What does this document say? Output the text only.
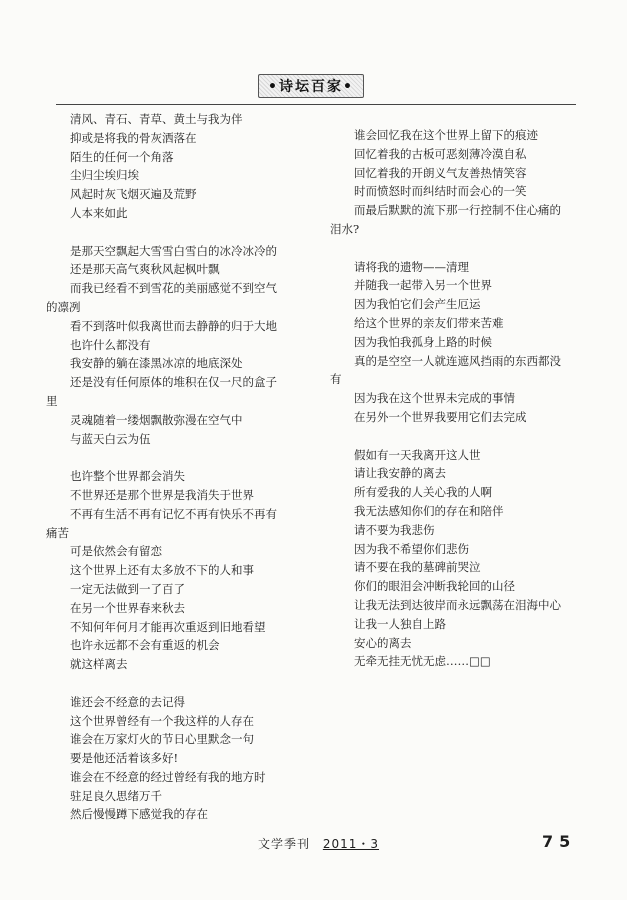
•诗坛百家•
清风、青石、青草、黄土与我为伴
抑或是将我的骨灰洒落在
陌生的任何一个角落
尘归尘埃归埃
风起时灰飞烟灭遍及荒野
人本来如此
是那天空飘起大雪雪白雪白的冰冷冰冷的
还是那天高气爽秋风起枫叶飘
而我已经看不到雪花的美丽感觉不到空气
的凛冽
看不到落叶似我离世而去静静的归于大地
也许什么都没有
我安静的躺在漆黑冰凉的地底深处
还是没有任何原体的堆积在仅一尺的盒子
里
灵魂随着一缕烟飘散弥漫在空气中
与蓝天白云为伍
也许整个世界都会消失
不世界还是那个世界是我消失于世界
不再有生活不再有记忆不再有快乐不再有
痛苦
可是依然会有留恋
这个世界上还有太多放不下的人和事
一定无法做到一了百了
在另一个世界春来秋去
不知何年何月才能再次重返到旧地看望
也许永远都不会有重返的机会
就这样离去
谁还会不经意的去记得
这个世界曾经有一个我这样的人存在
谁会在万家灯火的节日心里默念一句
要是他还活着该多好!
谁会在不经意的经过曾经有我的地方时
驻足良久思绪万千
然后慢慢蹲下感觉我的存在
谁会回忆我在这个世界上留下的痕迹
回忆着我的古板可恶刻薄冷漠自私
回忆着我的开朗义气友善热情笑容
时而愤怒时而纠结时而会心的一笑
而最后默默的流下那一行控制不住心痛的
泪水?
请将我的遗物——清理
并随我一起带入另一个世界
因为我怕它们会产生厄运
给这个世界的亲友们带来苦难
因为我怕我孤身上路的时候
真的是空空一人就连遮风挡雨的东西都没
有
因为我在这个世界未完成的事情
在另外一个世界我要用它们去完成
假如有一天我离开这人世
请让我安静的离去
所有爱我的人关心我的人啊
我无法感知你们的存在和陪伴
请不要为我悲伤
因为我不希望你们悲伤
请不要在我的墓碑前哭泣
你们的眼泪会冲断我轮回的山径
让我无法到达彼岸而永远飘荡在泪海中心
让我一人独自上路
安心的离去
无牵无挂无忧无虑……□□
文学季刊 2011・3	75
